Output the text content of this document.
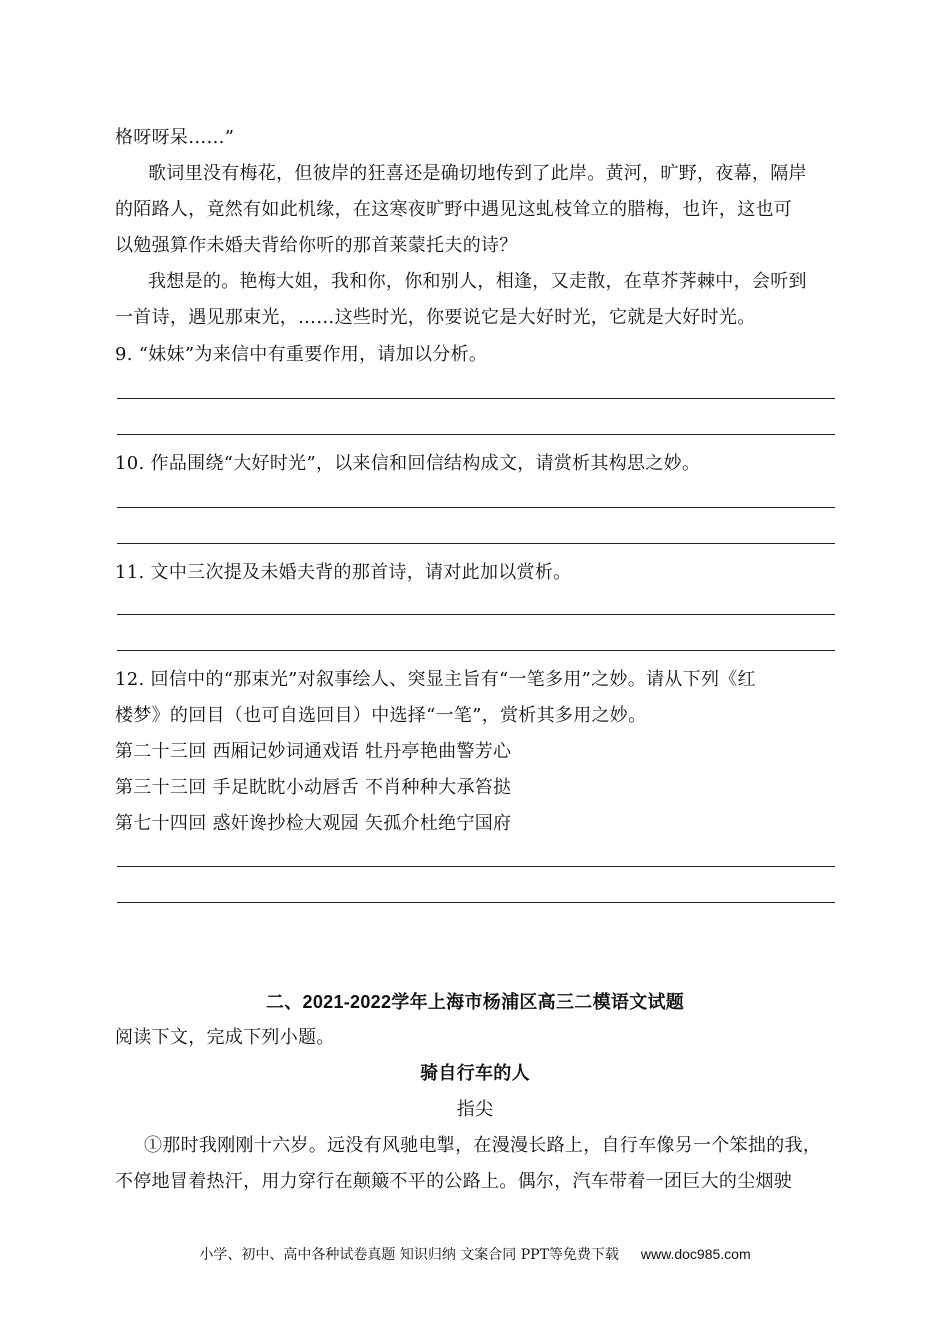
格呀呀呆……”
歌词里没有梅花，但彼岸的狂喜还是确切地传到了此岸。黄河，旷野，夜幕，隔岸
的陌路人，竟然有如此机缘，在这寒夜旷野中遇见这虬枝耸立的腊梅，也许，这也可
以勉强算作未婚夫背给你听的那首莱蒙托夫的诗？
我想是的。艳梅大姐，我和你，你和别人，相逢，又走散，在草芥荠棘中，会听到
一首诗，遇见那束光，……这些时光，你要说它是大好时光，它就是大好时光。
9. “妹妹”为来信中有重要作用，请加以分析。
10. 作品围绕“大好时光”，以来信和回信结构成文，请赏析其构思之妙。
11. 文中三次提及未婚夫背的那首诗，请对此加以赏析。
12. 回信中的“那束光”对叙事绘人、突显主旨有“一笔多用”之妙。请从下列《红
楼梦》的回目（也可自选回目）中选择“一笔”，赏析其多用之妙。
第二十三回 西厢记妙词通戏语 牡丹亭艳曲警芳心
第三十三回 手足眈眈小动唇舌 不肖种种大承笞挞
第七十四回 惑奸谗抄检大观园 矢孤介杜绝宁国府
二、2021-2022学年上海市杨浦区高三二模语文试题
阅读下文，完成下列小题。
骑自行车的人
指尖
①那时我刚刚十六岁。远没有风驰电掣，在漫漫长路上，自行车像另一个笨拙的我，
不停地冒着热汗，用力穿行在颠簸不平的公路上。偶尔，汽车带着一团巨大的尘烟驶
小学、初中、高中各种试卷真题 知识归纳 文案合同 PPT等免费下载 www.doc985.com
